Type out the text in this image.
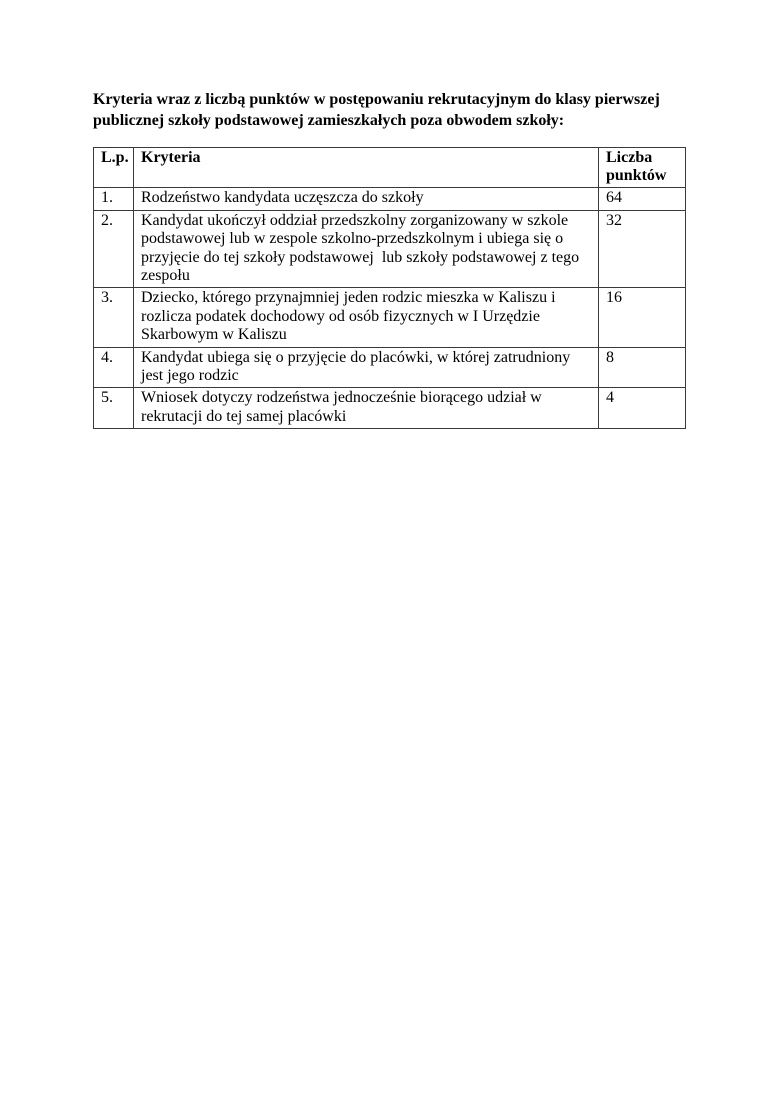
Kryteria wraz z liczbą punktów w postępowaniu rekrutacyjnym do klasy pierwszej
publicznej szkoły podstawowej zamieszkałych poza obwodem szkoły:
L.p.	Kryteria	Liczba punktów
1.	Rodzeństwo kandydata uczęszcza do szkoły	64
2.	Kandydat ukończył oddział przedszkolny zorganizowany w szkole podstawowej lub w zespole szkolno-przedszkolnym i ubiega się o przyjęcie do tej szkoły podstawowej  lub szkoły podstawowej z tego zespołu	32
3.	Dziecko, którego przynajmniej jeden rodzic mieszka w Kaliszu i rozlicza podatek dochodowy od osób fizycznych w I Urzędzie Skarbowym w Kaliszu	16
4.	Kandydat ubiega się o przyjęcie do placówki, w której zatrudniony jest jego rodzic	8
5.	Wniosek dotyczy rodzeństwa jednocześnie biorącego udział w rekrutacji do tej samej placówki	4
